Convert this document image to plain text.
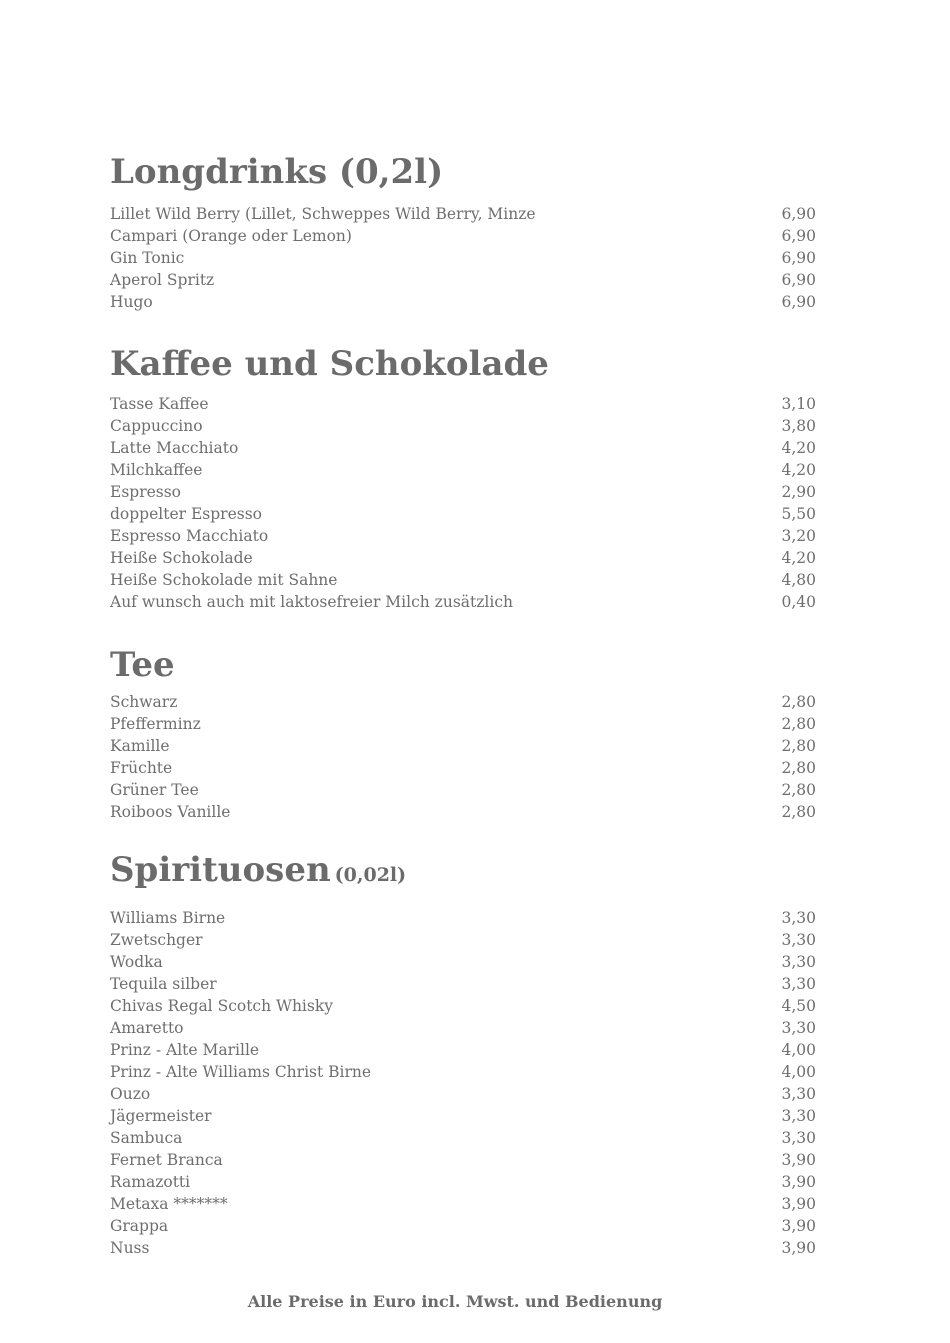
Longdrinks (0,2l)
Lillet Wild Berry (Lillet, Schweppes Wild Berry, Minze	6,90
Campari (Orange oder Lemon)	6,90
Gin Tonic	6,90
Aperol Spritz	6,90
Hugo	6,90
Kaffee und Schokolade
Tasse Kaffee	3,10
Cappuccino	3,80
Latte Macchiato	4,20
Milchkaffee	4,20
Espresso	2,90
doppelter Espresso	5,50
Espresso Macchiato	3,20
Heiße Schokolade	4,20
Heiße Schokolade mit Sahne	4,80
Auf wunsch auch mit laktosefreier Milch zusätzlich	0,40
Tee
Schwarz	2,80
Pfefferminz	2,80
Kamille	2,80
Früchte	2,80
Grüner Tee	2,80
Roiboos Vanille	2,80
Spirituosen (0,02l)
Williams Birne	3,30
Zwetschger	3,30
Wodka	3,30
Tequila silber	3,30
Chivas Regal Scotch Whisky	4,50
Amaretto	3,30
Prinz - Alte Marille	4,00
Prinz - Alte Williams Christ Birne	4,00
Ouzo	3,30
Jägermeister	3,30
Sambuca	3,30
Fernet Branca	3,90
Ramazotti	3,90
Metaxa *******	3,90
Grappa	3,90
Nuss	3,90
Alle Preise in Euro incl. Mwst. und Bedienung
